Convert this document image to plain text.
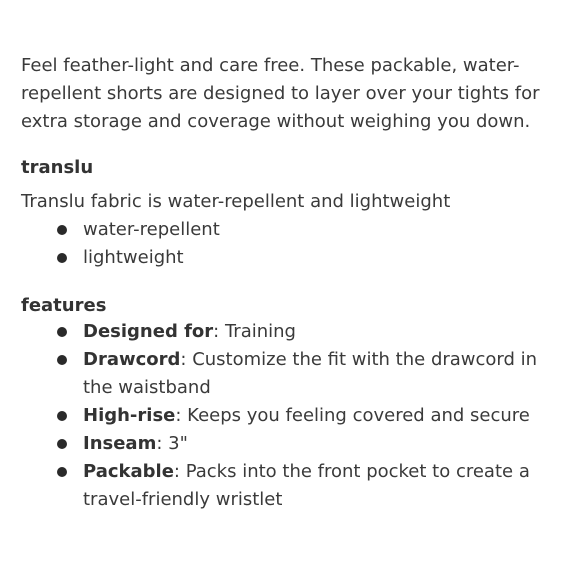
Feel feather-light and care free. These packable, water-repellent shorts are designed to layer over your tights for extra storage and coverage without weighing you down.

translu

Translu fabric is water-repellent and lightweight

water-repellent
lightweight
features
Designed for: Training
Drawcord: Customize the fit with the drawcord in the waistband
High-rise: Keeps you feeling covered and secure
Inseam: 3"
Packable: Packs into the front pocket to create a travel-friendly wristlet
